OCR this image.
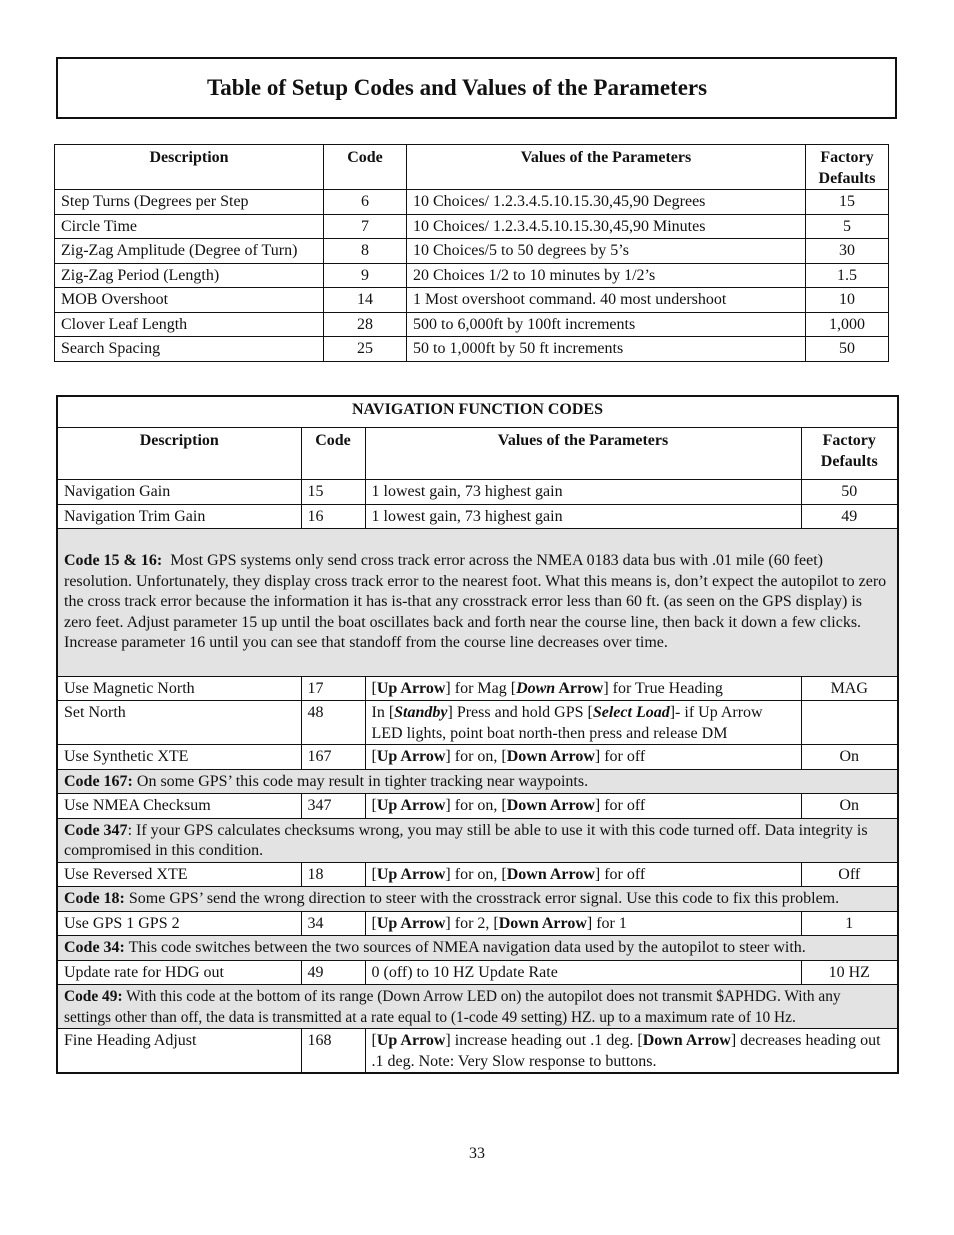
Table of Setup Codes and Values of the Parameters
Description	Code	Values of the Parameters	Factory
Defaults
Step Turns (Degrees per Step	6	10 Choices/ 1.2.3.4.5.10.15.30,45,90 Degrees	15
Circle Time	7	10 Choices/ 1.2.3.4.5.10.15.30,45,90 Minutes	5
Zig-Zag Amplitude (Degree of Turn)	8	10 Choices/5 to 50 degrees by 5’s	30
Zig-Zag Period (Length)	9	20 Choices 1/2 to 10 minutes by 1/2’s	1.5
MOB Overshoot	14	1 Most overshoot command. 40 most undershoot	10
Clover Leaf Length	28	500 to 6,000ft by 100ft increments	1,000
Search Spacing	25	50 to 1,000ft by 50 ft increments	50
NAVIGATION FUNCTION CODES			
Description	Code	Values of the Parameters	Factory
Defaults
Navigation Gain	15	1 lowest gain, 73 highest gain	50
Navigation Trim Gain	16	1 lowest gain, 73 highest gain	49
Code 15 & 16: Most GPS systems only send cross track error across the NMEA 0183 data bus with .01 mile (60 feet) resolution. Unfortunately, they display cross track error to the nearest foot. What this means is, don’t expect the autopilot to zero the cross track error because the information it has is-that any crosstrack error less than 60 ft. (as seen on the GPS display) is zero feet. Adjust parameter 15 up until the boat oscillates back and forth near the course line, then back it down a few clicks. Increase parameter 16 until you can see that standoff from the course line decreases over time.			
Use Magnetic North	17	[Up Arrow] for Mag [Down Arrow] for True Heading	MAG
Set North	48	In [Standby] Press and hold GPS [Select Load]- if Up Arrow LED lights, point boat north-then press and release DM	
Use Synthetic XTE	167	[Up Arrow] for on, [Down Arrow] for off	On
Code 167: On some GPS’ this code may result in tighter tracking near waypoints.			
Use NMEA Checksum	347	[Up Arrow] for on, [Down Arrow] for off	On
Code 347: If your GPS calculates checksums wrong, you may still be able to use it with this code turned off. Data integrity is compromised in this condition.			
Use Reversed XTE	18	[Up Arrow] for on, [Down Arrow] for off	Off
Code 18: Some GPS’ send the wrong direction to steer with the crosstrack error signal. Use this code to fix this problem.			
Use GPS 1 GPS 2	34	[Up Arrow] for 2, [Down Arrow] for 1	1
Code 34: This code switches between the two sources of NMEA navigation data used by the autopilot to steer with.			
Update rate for HDG out	49	0 (off) to 10 HZ Update Rate	10 HZ
Code 49: With this code at the bottom of its range (Down Arrow LED on) the autopilot does not transmit $APHDG. With any settings other than off, the data is transmitted at a rate equal to (1-code 49 setting) HZ. up to a maximum rate of 10 Hz.			
Fine Heading Adjust	168	[Up Arrow] increase heading out .1 deg. [Down Arrow] decreases heading out .1 deg. Note: Very Slow response to buttons.	
33
